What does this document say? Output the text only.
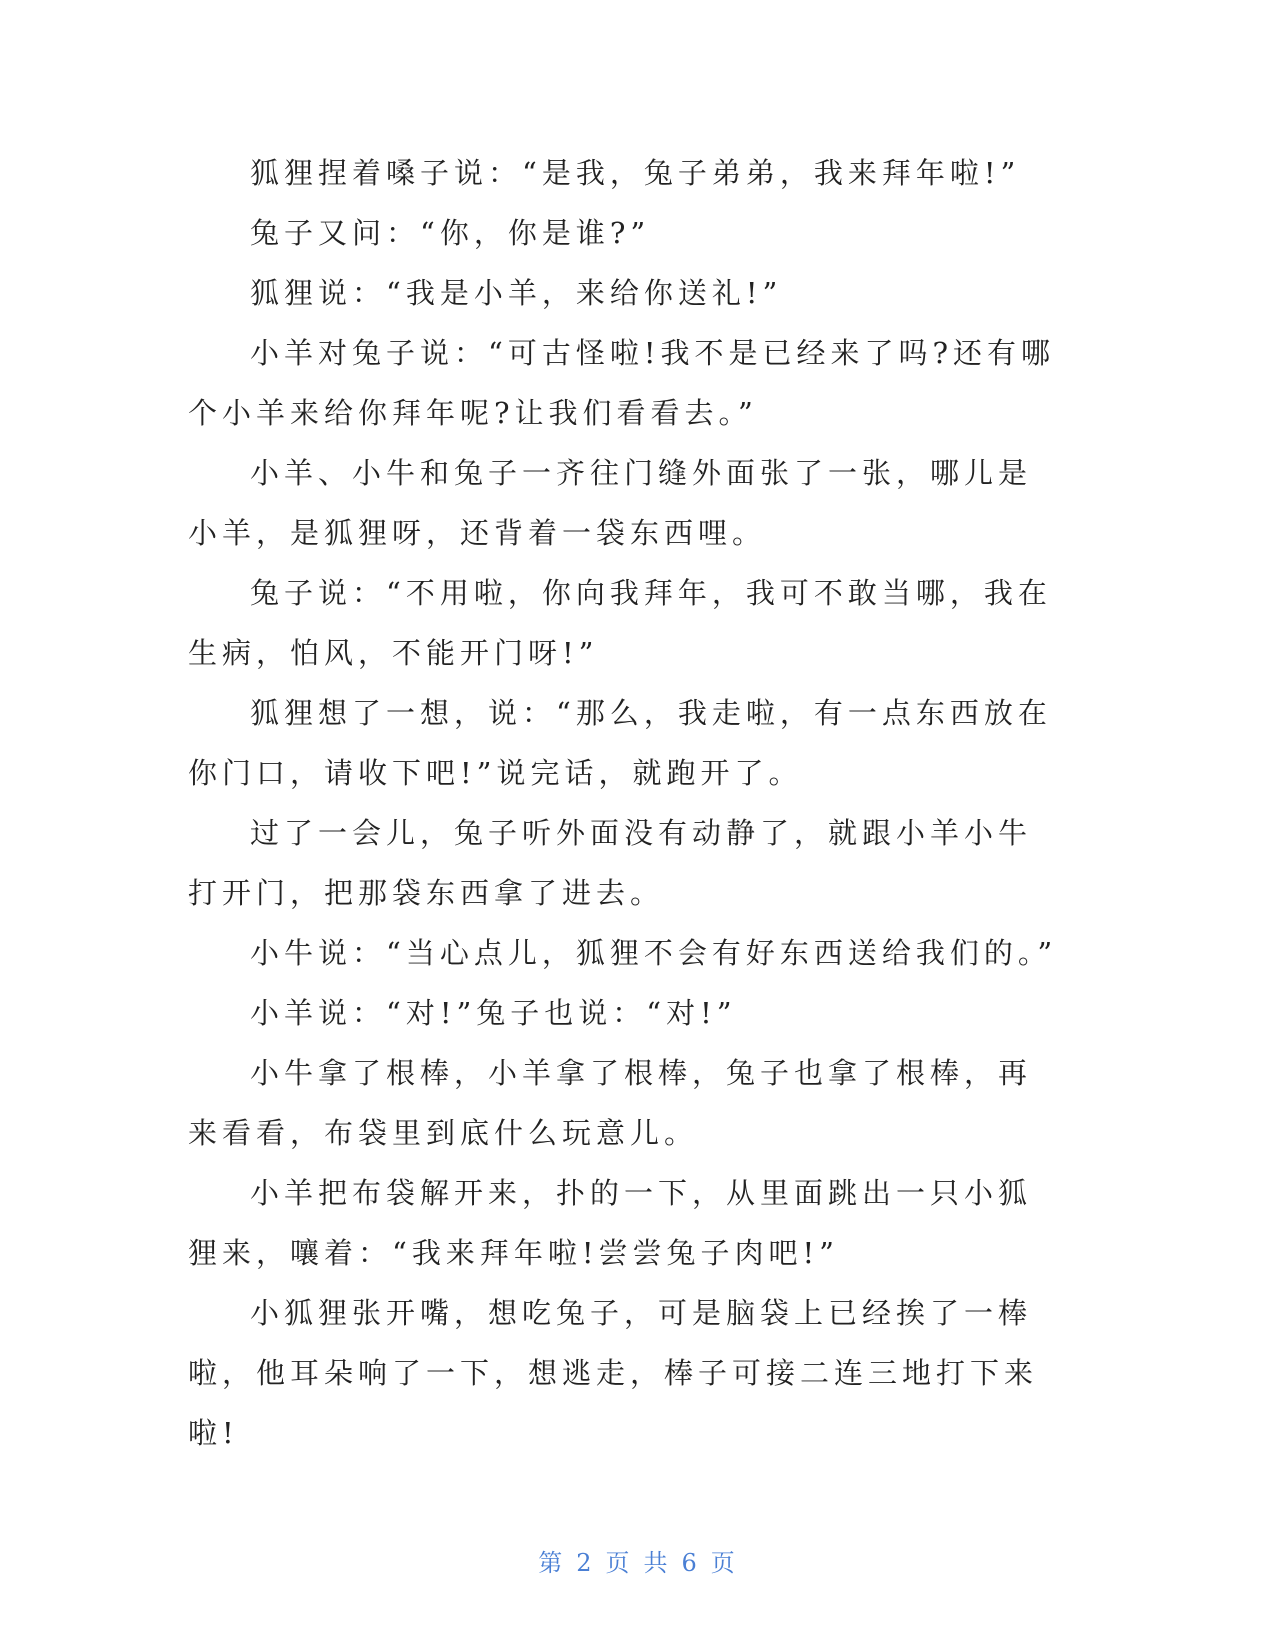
狐狸捏着嗓子说：“是我，兔子弟弟，我来拜年啦!”

兔子又问：“你，你是谁?”

狐狸说：“我是小羊，来给你送礼!”

小羊对兔子说：“可古怪啦!我不是已经来了吗?还有哪个小羊来给你拜年呢?让我们看看去。”

小羊、小牛和兔子一齐往门缝外面张了一张，哪儿是小羊，是狐狸呀，还背着一袋东西哩。

兔子说：“不用啦，你向我拜年，我可不敢当哪，我在生病，怕风，不能开门呀!”

狐狸想了一想，说：“那么，我走啦，有一点东西放在你门口，请收下吧!”说完话，就跑开了。

过了一会儿，兔子听外面没有动静了，就跟小羊小牛打开门，把那袋东西拿了进去。

小牛说：“当心点儿，狐狸不会有好东西送给我们的。”

小羊说：“对!”兔子也说：“对!”

小牛拿了根棒，小羊拿了根棒，兔子也拿了根棒，再来看看，布袋里到底什么玩意儿。

小羊把布袋解开来，扑的一下，从里面跳出一只小狐狸来，嚷着：“我来拜年啦!尝尝兔子肉吧!”

小狐狸张开嘴，想吃兔子，可是脑袋上已经挨了一棒啦，他耳朵响了一下，想逃走，棒子可接二连三地打下来啦!

第 2 页 共 6 页
